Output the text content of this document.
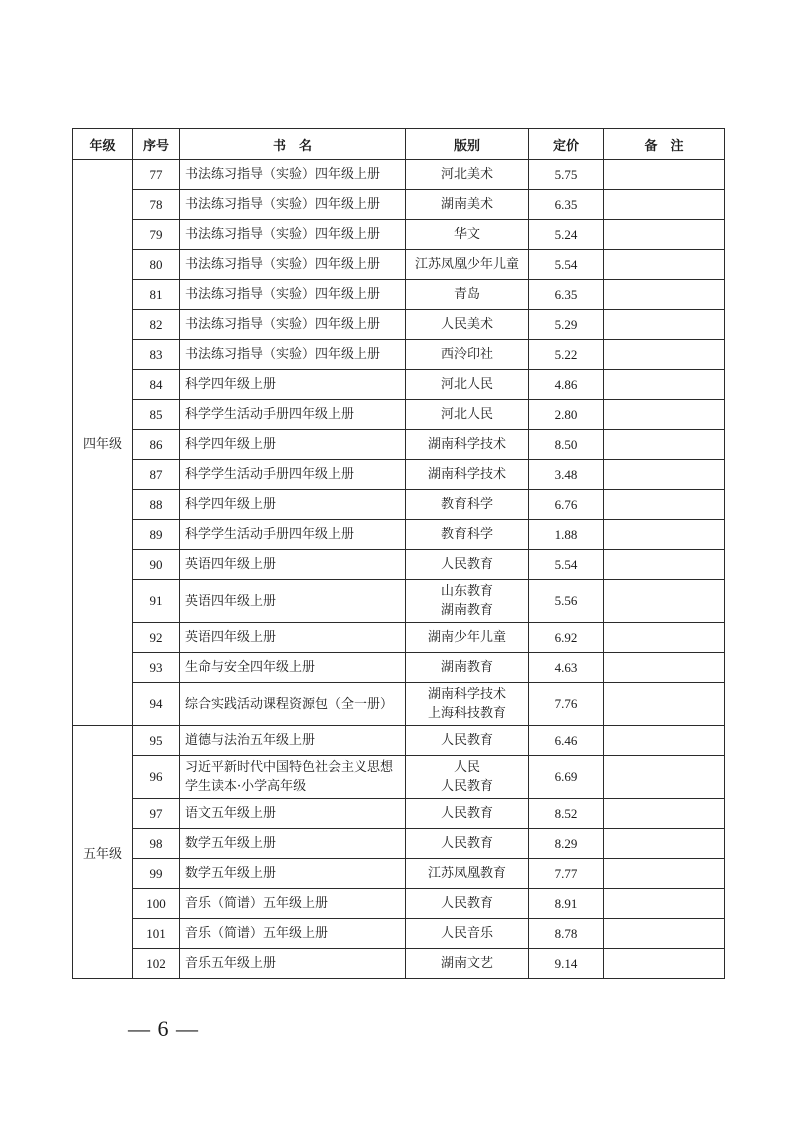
年级	序号	书　名	版别	定价	备　注
四年级	77	书法练习指导（实验）四年级上册	河北美术	5.75	
	78	书法练习指导（实验）四年级上册	湖南美术	6.35	
	79	书法练习指导（实验）四年级上册	华文	5.24	
	80	书法练习指导（实验）四年级上册	江苏凤凰少年儿童	5.54	
	81	书法练习指导（实验）四年级上册	青岛	6.35	
	82	书法练习指导（实验）四年级上册	人民美术	5.29	
	83	书法练习指导（实验）四年级上册	西泠印社	5.22	
	84	科学四年级上册	河北人民	4.86	
	85	科学学生活动手册四年级上册	河北人民	2.80	
	86	科学四年级上册	湖南科学技术	8.50	
	87	科学学生活动手册四年级上册	湖南科学技术	3.48	
	88	科学四年级上册	教育科学	6.76	
	89	科学学生活动手册四年级上册	教育科学	1.88	
	90	英语四年级上册	人民教育	5.54	
	91	英语四年级上册	山东教育
湖南教育	5.56	
	92	英语四年级上册	湖南少年儿童	6.92	
	93	生命与安全四年级上册	湖南教育	4.63	
	94	综合实践活动课程资源包（全一册）	湖南科学技术
上海科技教育	7.76	
五年级	95	道德与法治五年级上册	人民教育	6.46	
	96	习近平新时代中国特色社会主义思想学生读本·小学高年级	人民
人民教育	6.69	
	97	语文五年级上册	人民教育	8.52	
	98	数学五年级上册	人民教育	8.29	
	99	数学五年级上册	江苏凤凰教育	7.77	
	100	音乐（简谱）五年级上册	人民教育	8.91	
	101	音乐（简谱）五年级上册	人民音乐	8.78	
	102	音乐五年级上册	湖南文艺	9.14	
— 6 —
